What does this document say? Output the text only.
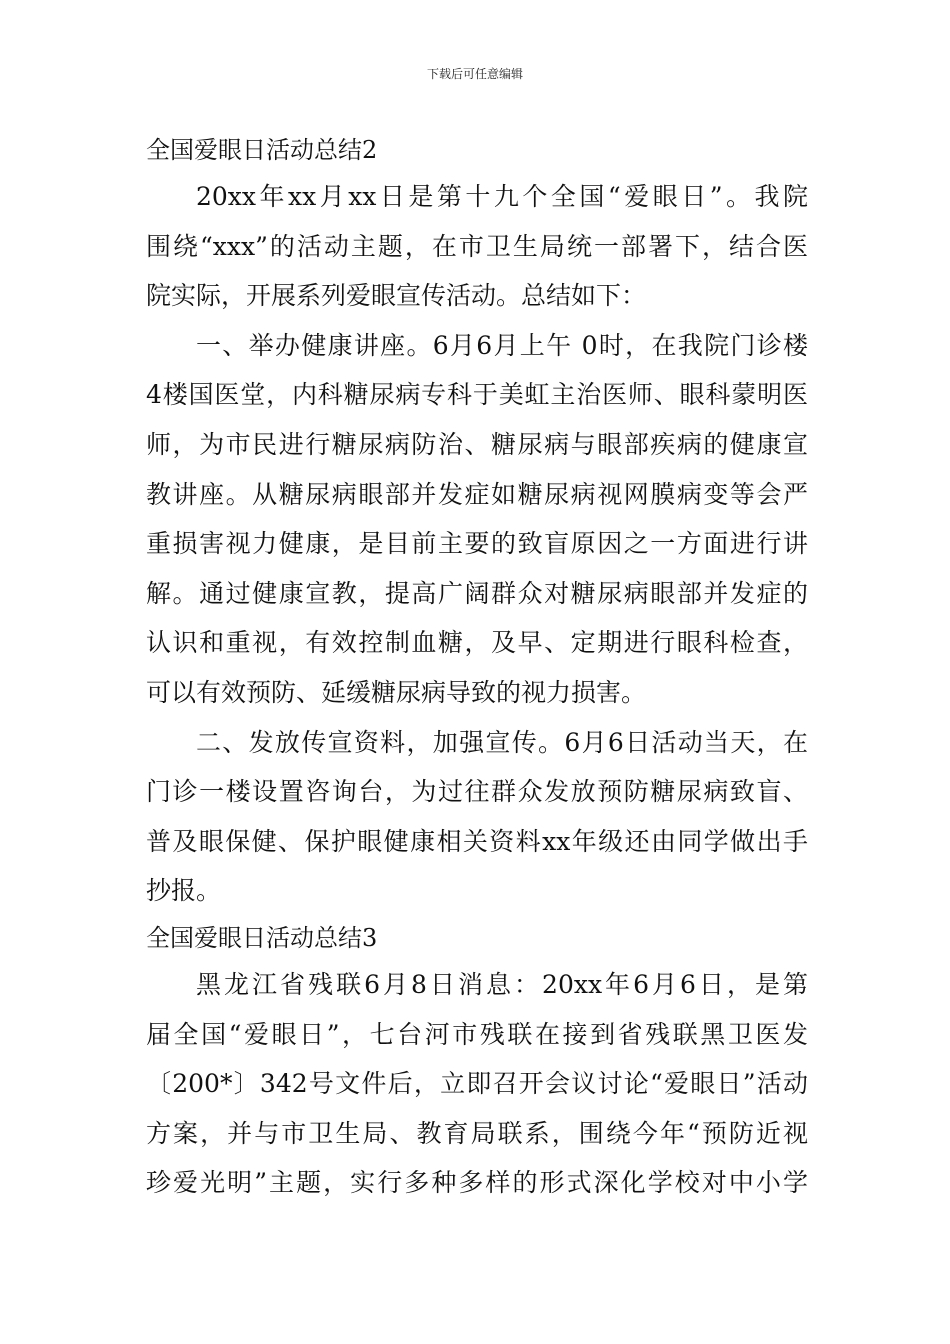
下载后可任意编辑
全国爱眼日活动总结2
20xx年xx月xx日是第十九个全国“爱眼日”。我院
围绕“xxx”的活动主题，在市卫生局统一部署下，结合医
院实际，开展系列爱眼宣传活动。总结如下：
一、举办健康讲座。6月6月上午 0时，在我院门诊楼
4楼国医堂，内科糖尿病专科于美虹主治医师、眼科蒙明医
师，为市民进行糖尿病防治、糖尿病与眼部疾病的健康宣
教讲座。从糖尿病眼部并发症如糖尿病视网膜病变等会严
重损害视力健康，是目前主要的致盲原因之一方面进行讲
解。通过健康宣教，提高广阔群众对糖尿病眼部并发症的
认识和重视，有效控制血糖，及早、定期进行眼科检查，
可以有效预防、延缓糖尿病导致的视力损害。
二、发放传宣资料，加强宣传。6月6日活动当天，在
门诊一楼设置咨询台，为过往群众发放预防糖尿病致盲、
普及眼保健、保护眼健康相关资料xx年级还由同学做出手
抄报。
全国爱眼日活动总结3
黑龙江省残联6月8日消息：20xx年6月6日，是第
届全国“爱眼日”，七台河市残联在接到省残联黑卫医发
〔200*〕342号文件后，立即召开会议讨论“爱眼日”活动
方案，并与市卫生局、教育局联系，围绕今年“预防近视
珍爱光明”主题，实行多种多样的形式深化学校对中小学
